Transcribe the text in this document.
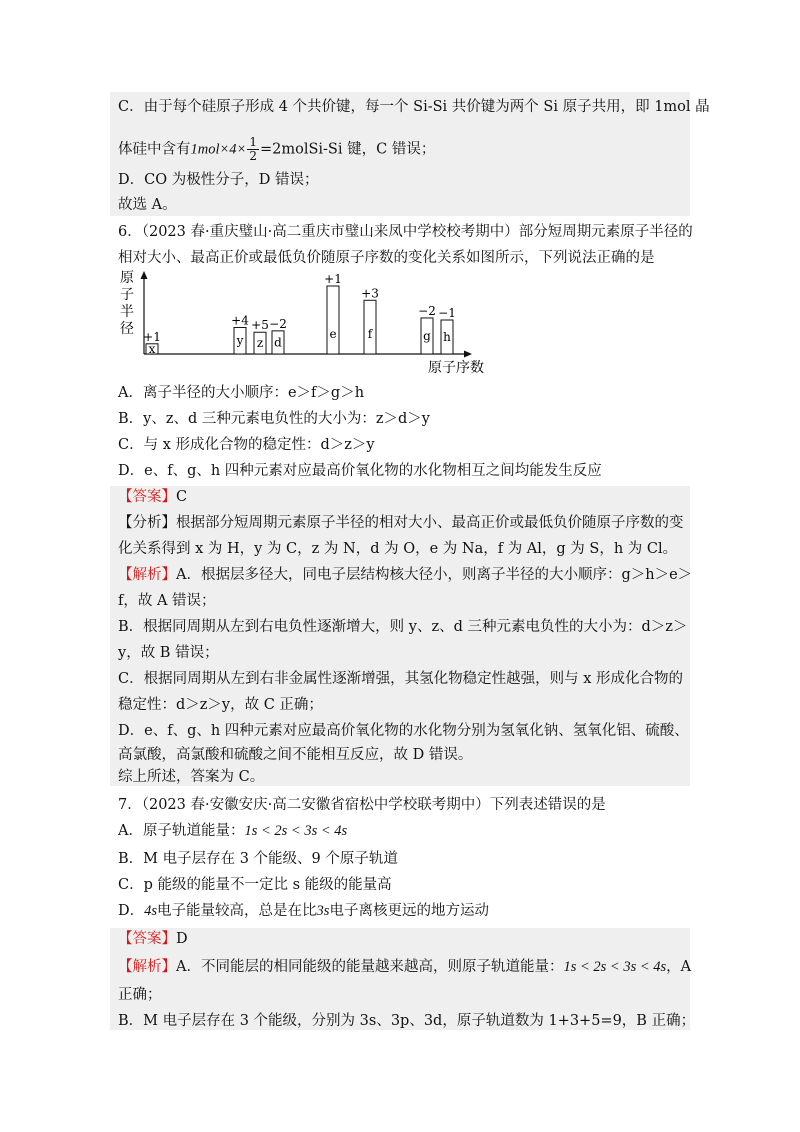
C．由于每个硅原子形成 4 个共价键，每一个 Si-Si 共价键为两个 Si 原子共用，即 1mol 晶
体硅中含有$1mol\times 4\times \frac{1}{2}$ =2molSi-Si 键，C 错误；
D．CO 为极性分子，D 错误；
故选 A。
6．（2023 春·重庆璧山·高二重庆市璧山来凤中学校校考期中）部分短周期元素原子半径的
相对大小、最高正价或最低负价随原子序数的变化关系如图所示，下列说法正确的是
原
子
半
径
x
+1	y
+4
z
+5
d
−2
e
+1
f
+3
g
−2
h
−1
原子序数
A．离子半径的大小顺序：e＞f＞g＞h
B．y、z、d 三种元素电负性的大小为：z＞d＞y
C．与 x 形成化合物的稳定性：d＞z＞y
D．e、f、g、h 四种元素对应最高价氧化物的水化物相互之间均能发生反应
【答案】C
【分析】根据部分短周期元素原子半径的相对大小、最高正价或最低负价随原子序数的变
化关系得到 x 为 H，y 为 C，z 为 N，d 为 O，e 为 Na，f 为 Al，g 为 S，h 为 Cl。
【解析】A．根据层多径大，同电子层结构核大径小，则离子半径的大小顺序：g＞h＞e＞
f，故 A 错误；
B．根据同周期从左到右电负性逐渐增大，则 y、z、d 三种元素电负性的大小为：d＞z＞
y，故 B 错误；
C．根据同周期从左到右非金属性逐渐增强，其氢化物稳定性越强，则与 x 形成化合物的
稳定性：d＞z＞y，故 C 正确；
D．e、f、g、h 四种元素对应最高价氧化物的水化物分别为氢氧化钠、氢氧化铝、硫酸、
高氯酸，高氯酸和硫酸之间不能相互反应，故 D 错误。
综上所述，答案为 C。
7．（2023 春·安徽安庆·高二安徽省宿松中学校联考期中）下列表述错误的是
A．原子轨道能量：1s < 2s < 3s < 4s
B．M 电子层存在 3 个能级、9 个原子轨道
C．p 能级的能量不一定比 s 能级的能量高
D．4s电子能量较高，总是在比3s电子离核更远的地方运动
【答案】D
【解析】A．不同能层的相同能级的能量越来越高，则原子轨道能量：1s < 2s < 3s < 4s，A
正确；
B．M 电子层存在 3 个能级，分别为 3s、3p、3d，原子轨道数为 1+3+5=9，B 正确；
